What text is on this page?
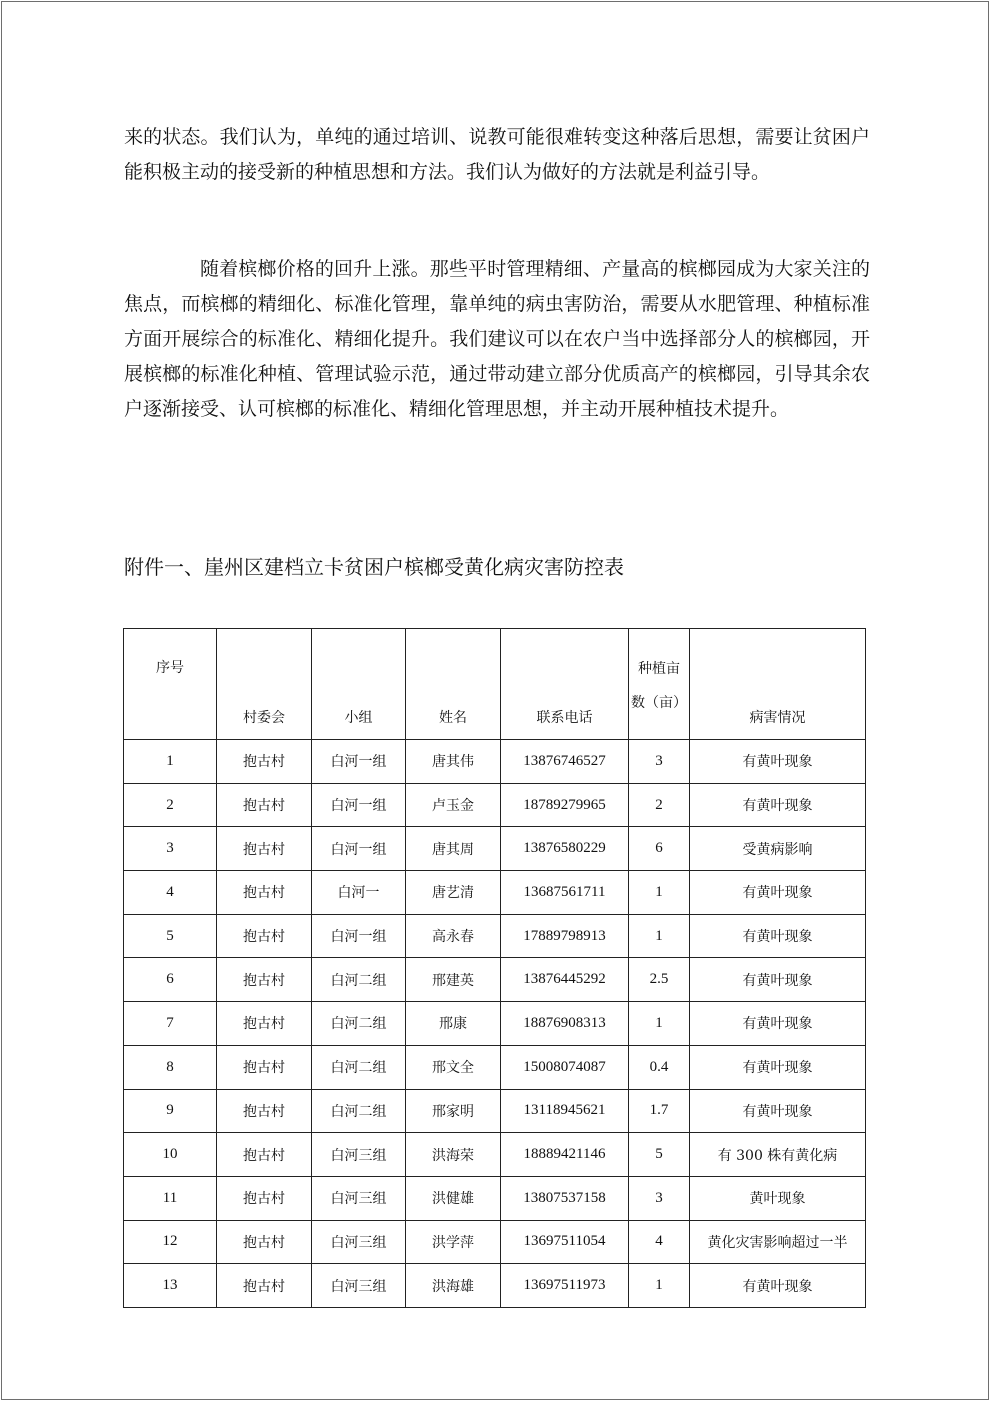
来的状态。我们认为，单纯的通过培训、说教可能很难转变这种落后思想，需要让贫困户能积极主动的接受新的种植思想和方法。我们认为做好的方法就是利益引导。

随着槟榔价格的回升上涨。那些平时管理精细、产量高的槟榔园成为大家关注的焦点，而槟榔的精细化、标准化管理，靠单纯的病虫害防治，需要从水肥管理、种植标准方面开展综合的标准化、精细化提升。我们建议可以在农户当中选择部分人的槟榔园，开展槟榔的标准化种植、管理试验示范，通过带动建立部分优质高产的槟榔园，引导其余农户逐渐接受、认可槟榔的标准化、精细化管理思想，并主动开展种植技术提升。

附件一、崖州区建档立卡贫困户槟榔受黄化病灾害防控表

序号	村委会	小组	姓名	联系电话	种植亩
数（亩）	病害情况
1	抱古村	白河一组	唐其伟	13876746527	3	有黄叶现象
2	抱古村	白河一组	卢玉金	18789279965	2	有黄叶现象
3	抱古村	白河一组	唐其周	13876580229	6	受黄病影响
4	抱古村	白河一	唐艺清	13687561711	1	有黄叶现象
5	抱古村	白河一组	高永春	17889798913	1	有黄叶现象
6	抱古村	白河二组	邢建英	13876445292	2.5	有黄叶现象
7	抱古村	白河二组	邢康	18876908313	1	有黄叶现象
8	抱古村	白河二组	邢文全	15008074087	0.4	有黄叶现象
9	抱古村	白河二组	邢家明	13118945621	1.7	有黄叶现象
10	抱古村	白河三组	洪海荣	18889421146	5	有 300 株有黄化病
11	抱古村	白河三组	洪健雄	13807537158	3	黄叶现象
12	抱古村	白河三组	洪学萍	13697511054	4	黄化灾害影响超过一半
13	抱古村	白河三组	洪海雄	13697511973	1	有黄叶现象
